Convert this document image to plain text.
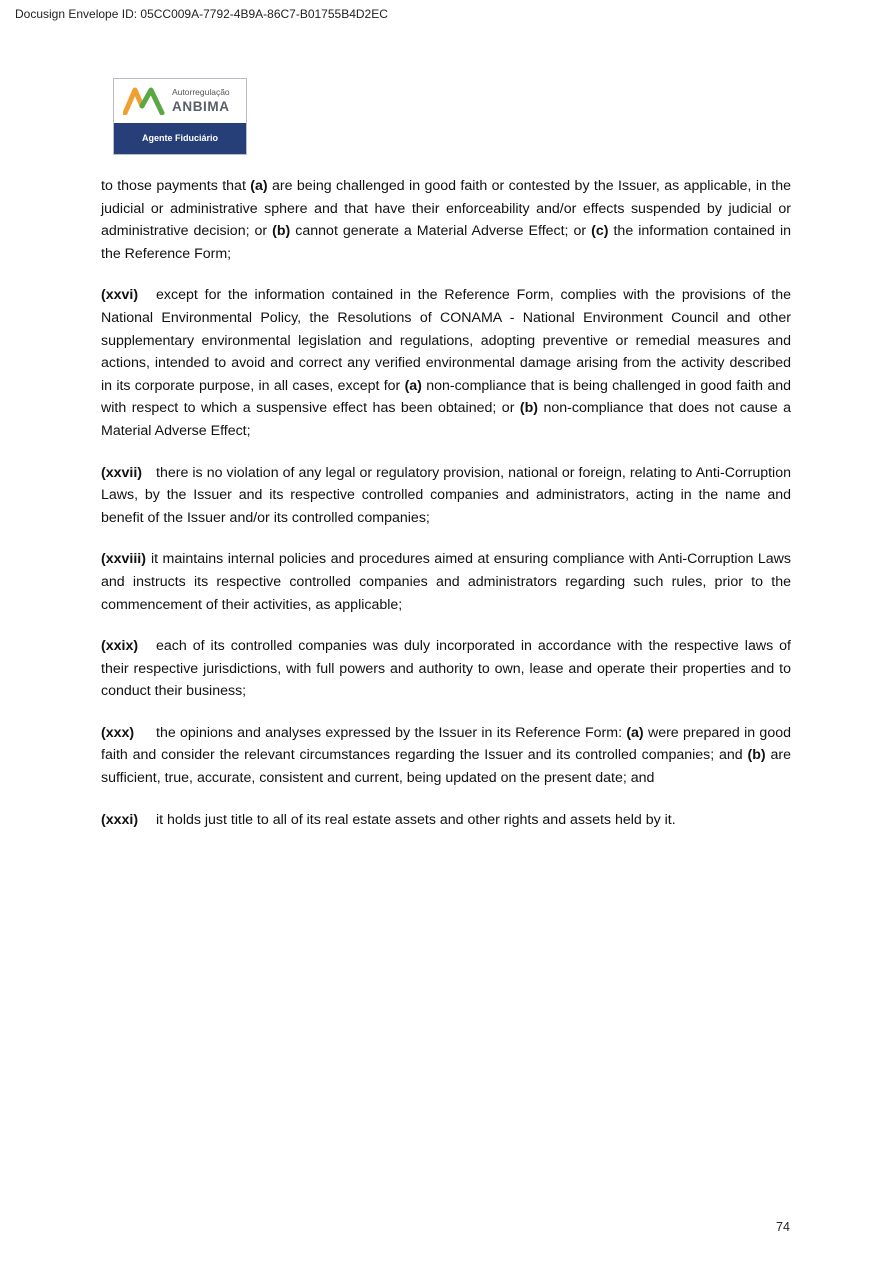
Docusign Envelope ID: 05CC009A-7792-4B9A-86C7-B01755B4D2EC
Autorregulação
ANBIMA
Agente Fiduciário

to those payments that (a) are being challenged in good faith or contested by the Issuer, as applicable, in the judicial or administrative sphere and that have their enforceability and/or effects suspended by judicial or administrative decision; or (b) cannot generate a Material Adverse Effect; or (c) the information contained in the Reference Form;

(xxvi) except for the information contained in the Reference Form, complies with the provisions of the National Environmental Policy, the Resolutions of CONAMA - National Environment Council and other supplementary environmental legislation and regulations, adopting preventive or remedial measures and actions, intended to avoid and correct any verified environmental damage arising from the activity described in its corporate purpose, in all cases, except for (a) non-compliance that is being challenged in good faith and with respect to which a suspensive effect has been obtained; or (b) non-compliance that does not cause a Material Adverse Effect;

(xxvii) there is no violation of any legal or regulatory provision, national or foreign, relating to Anti-Corruption Laws, by the Issuer and its respective controlled companies and administrators, acting in the name and benefit of the Issuer and/or its controlled companies;

(xxviii) it maintains internal policies and procedures aimed at ensuring compliance with Anti-Corruption Laws and instructs its respective controlled companies and administrators regarding such rules, prior to the commencement of their activities, as applicable;

(xxix) each of its controlled companies was duly incorporated in accordance with the respective laws of their respective jurisdictions, with full powers and authority to own, lease and operate their properties and to conduct their business;

(xxx) the opinions and analyses expressed by the Issuer in its Reference Form: (a) were prepared in good faith and consider the relevant circumstances regarding the Issuer and its controlled companies; and (b) are sufficient, true, accurate, consistent and current, being updated on the present date; and

(xxxi) it holds just title to all of its real estate assets and other rights and assets held by it.

74
